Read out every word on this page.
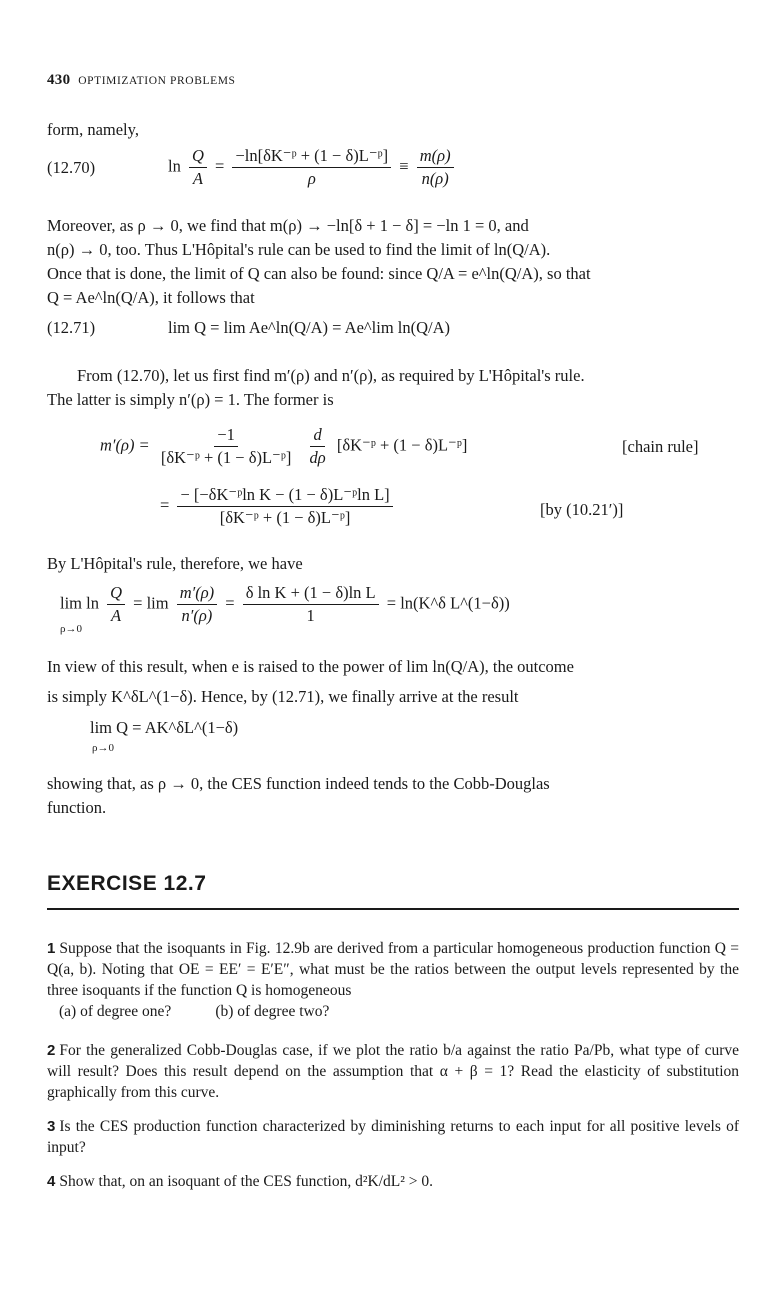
430 OPTIMIZATION PROBLEMS
form, namely,
(12.70)	$\ln \frac{Q}{A} = \frac{\text{−ln[δK⁻ᵖ + (1 − δ)L⁻ᵖ]}}{\rho} \equiv \frac{m(\rho)}{n(\rho)}$
Moreover, as ρ → 0, we find that m(ρ) → −ln[δ + 1 − δ] = −ln 1 = 0, and
n(ρ) → 0, too. Thus L'Hôpital's rule can be used to find the limit of ln(Q/A).
Once that is done, the limit of Q can also be found: since Q/A = e^ln(Q/A), so that
Q = Ae^ln(Q/A), it follows that
(12.71)	lim Q = lim Ae^ln(Q/A) = Ae^lim ln(Q/A)
From (12.70), let us first find m′(ρ) and n′(ρ), as required by L'Hôpital's rule.
The latter is simply n′(ρ) = 1. The former is
$m'(\rho) = \frac{-1}{\text{[δK⁻ᵖ + (1 − δ)L⁻ᵖ]}}$
$\frac{d}{d\rho}$ [δK⁻ᵖ + (1 − δ)L⁻ᵖ]	[chain rule]
= $\frac{\text{− [−δK⁻ᵖln K − (1 − δ)L⁻ᵖln L]}}{\text{[δK⁻ᵖ + (1 − δ)L⁻ᵖ]}}$	[by (10.21′)]
By L'Hôpital's rule, therefore, we have
$\lim \ln \frac{Q}{A} = \lim \frac{m'(\rho)}{n'(\rho)} = \frac{\text{δ ln K + (1 − δ)ln L}}{1}$ = ln(K^δ L^(1−δ))
ρ→0
In view of this result, when e is raised to the power of lim ln(Q/A), the outcome
is simply K^δL^(1−δ). Hence, by (12.71), we finally arrive at the result
lim Q = AK^δL^(1−δ)
ρ→0
showing that, as ρ → 0, the CES function indeed tends to the Cobb-Douglas
function.
EXERCISE 12.7
1 Suppose that the isoquants in Fig. 12.9b are derived from a particular homogeneous production function Q = Q(a, b). Noting that OE = EE′ = E′E″, what must be the ratios between the output levels represented by the three isoquants if the function Q is homogeneous
(a) of degree one?	(b) of degree two?
2 For the generalized Cobb-Douglas case, if we plot the ratio b/a against the ratio Pa/Pb, what type of curve will result? Does this result depend on the assumption that α + β = 1? Read the elasticity of substitution graphically from this curve.
3 Is the CES production function characterized by diminishing returns to each input for all positive levels of input?
4 Show that, on an isoquant of the CES function, d²K/dL² > 0.
